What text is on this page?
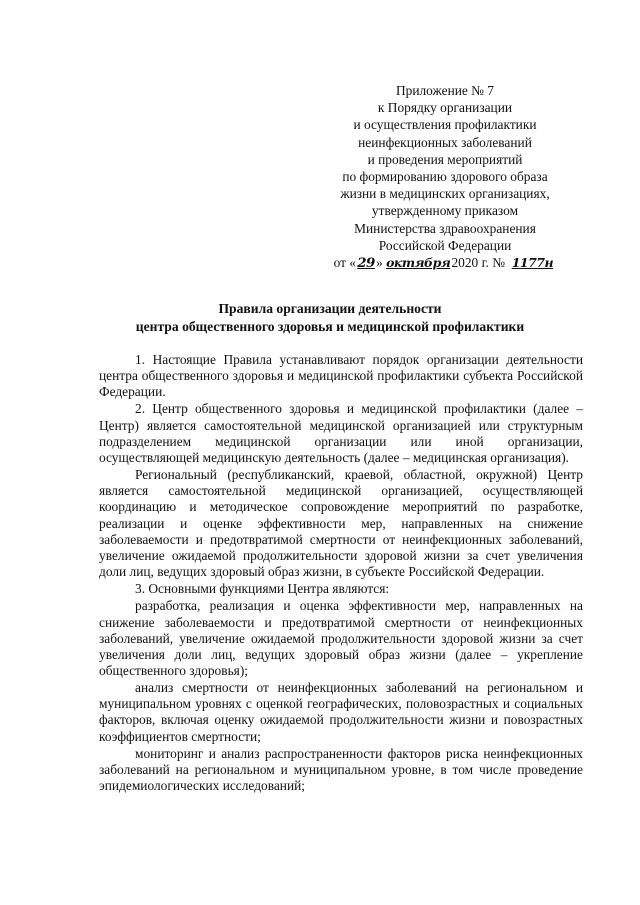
Приложение № 7
к Порядку организации
и осуществления профилактики
неинфекционных заболеваний
и проведения мероприятий
по формированию здорового образа
жизни в медицинских организациях,
утвержденному приказом
Министерства здравоохранения
Российской Федерации
от «29» октября 2020 г. № 1177н
Правила организации деятельности
центра общественного здоровья и медицинской профилактики

1. Настоящие Правила устанавливают порядок организации деятельности центра общественного здоровья и медицинской профилактики субъекта Российской Федерации.

2. Центр общественного здоровья и медицинской профилактики (далее – Центр) является самостоятельной медицинской организацией или структурным подразделением медицинской организации или иной организации, осуществляющей медицинскую деятельность (далее – медицинская организация).

Региональный (республиканский, краевой, областной, окружной) Центр является самостоятельной медицинской организацией, осуществляющей координацию и методическое сопровождение мероприятий по разработке, реализации и оценке эффективности мер, направленных на снижение заболеваемости и предотвратимой смертности от неинфекционных заболеваний, увеличение ожидаемой продолжительности здоровой жизни за счет увеличения доли лиц, ведущих здоровый образ жизни, в субъекте Российской Федерации.

3. Основными функциями Центра являются:

разработка, реализация и оценка эффективности мер, направленных на снижение заболеваемости и предотвратимой смертности от неинфекционных заболеваний, увеличение ожидаемой продолжительности здоровой жизни за счет увеличения доли лиц, ведущих здоровый образ жизни (далее – укрепление общественного здоровья);

анализ смертности от неинфекционных заболеваний на региональном и муниципальном уровнях с оценкой географических, половозрастных и социальных факторов, включая оценку ожидаемой продолжительности жизни и повозрастных коэффициентов смертности;

мониторинг и анализ распространенности факторов риска неинфекционных заболеваний на региональном и муниципальном уровне, в том числе проведение эпидемиологических исследований;
